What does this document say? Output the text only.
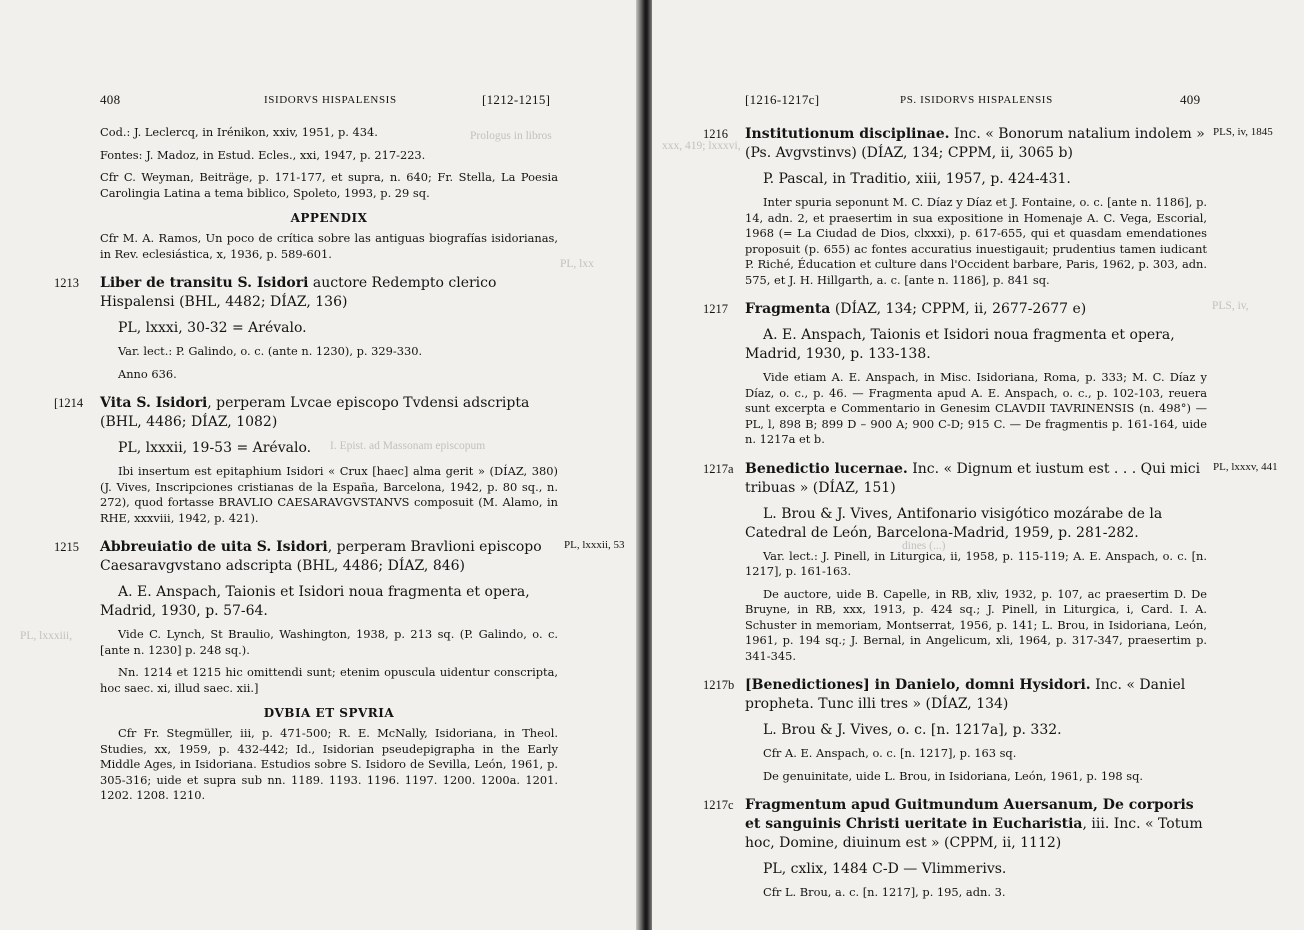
Prologus in libros
PL, lxx
I. Epist. ad Massonam episcopum
PL, lxxxiii,
408	ISIDORVS HISPALENSIS	[1212-1215]

Cod.: J. Leclercq, in Irénikon, xxiv, 1951, p. 434.

Fontes: J. Madoz, in Estud. Ecles., xxi, 1947, p. 217-223.

Cfr C. Weyman, Beiträge, p. 171-177, et supra, n. 640; Fr. Stella, La Poesia Carolingia Latina a tema biblico, Spoleto, 1993, p. 29 sq.

APPENDIX

Cfr M. A. Ramos, Un poco de crítica sobre las antiguas biografías isidorianas, in Rev. eclesiástica, x, 1936, p. 589-601.

1213	Liber de transitu S. Isidori auctore Redempto clerico Hispalensi (BHL, 4482; DÍAZ, 136)

PL, lxxxi, 30-32 = Arévalo.

Var. lect.: P. Galindo, o. c. (ante n. 1230), p. 329-330.

Anno 636.

[1214	Vita S. Isidori, perperam Lvcae episcopo Tvdensi adscripta (BHL, 4486; DÍAZ, 1082)

PL, lxxxii, 19-53 = Arévalo.

Ibi insertum est epitaphium Isidori « Crux [haec] alma gerit » (DÍAZ, 380) (J. Vives, Inscripciones cristianas de la España, Barcelona, 1942, p. 80 sq., n. 272), quod fortasse BRAVLIO CAESARAVGVSTANVS composuit (M. Alamo, in RHE, xxxviii, 1942, p. 421).

1215	Abbreuiatio de uita S. Isidori, perperam Bravlioni episcopo Caesaravgvstano adscripta (BHL, 4486; DÍAZ, 846)
PL, lxxxii, 53

A. E. Anspach, Taionis et Isidori noua fragmenta et opera, Madrid, 1930, p. 57-64.

Vide C. Lynch, St Braulio, Washington, 1938, p. 213 sq. (P. Galindo, o. c. [ante n. 1230] p. 248 sq.).

Nn. 1214 et 1215 hic omittendi sunt; etenim opuscula uidentur conscripta, hoc saec. xi, illud saec. xii.]

DVBIA ET SPVRIA

Cfr Fr. Stegmüller, iii, p. 471-500; R. E. McNally, Isidoriana, in Theol. Studies, xx, 1959, p. 432-442; Id., Isidorian pseudepigrapha in the Early Middle Ages, in Isidoriana. Estudios sobre S. Isidoro de Sevilla, León, 1961, p. 305-316; uide et supra sub nn. 1189. 1193. 1196. 1197. 1200. 1200a. 1201. 1202. 1208. 1210.

xxx, 419; lxxxvi,
PLS, iv,
dines (...)
[1216-1217c]	PS. ISIDORVS HISPALENSIS	409
1216	Institutionum disciplinae. Inc. « Bonorum natalium indolem » (Ps. Avgvstinvs) (DÍAZ, 134; CPPM, ii, 3065 b)
PLS, iv, 1845

P. Pascal, in Traditio, xiii, 1957, p. 424-431.

Inter spuria seponunt M. C. Díaz y Díaz et J. Fontaine, o. c. [ante n. 1186], p. 14, adn. 2, et praesertim in sua expositione in Homenaje A. C. Vega, Escorial, 1968 (= La Ciudad de Dios, clxxxi), p. 617-655, qui et quasdam emendationes proposuit (p. 655) ac fontes accuratius inuestigauit; prudentius tamen iudicant P. Riché, Éducation et culture dans l'Occident barbare, Paris, 1962, p. 303, adn. 575, et J. H. Hillgarth, a. c. [ante n. 1186], p. 841 sq.

1217	Fragmenta (DÍAZ, 134; CPPM, ii, 2677-2677 e)

A. E. Anspach, Taionis et Isidori noua fragmenta et opera, Madrid, 1930, p. 133-138.

Vide etiam A. E. Anspach, in Misc. Isidoriana, Roma, p. 333; M. C. Díaz y Díaz, o. c., p. 46. — Fragmenta apud A. E. Anspach, o. c., p. 102-103, reuera sunt excerpta e Commentario in Genesim CLAVDII TAVRINENSIS (n. 498°) — PL, l, 898 B; 899 D – 900 A; 900 C-D; 915 C. — De fragmentis p. 161-164, uide n. 1217a et b.

1217a Benedictio lucernae. Inc. « Dignum et iustum est . . . Qui mici tribuas » (DÍAZ, 151)
PL, lxxxv, 441

L. Brou & J. Vives, Antifonario visigótico mozárabe de la Catedral de León, Barcelona-Madrid, 1959, p. 281-282.

Var. lect.: J. Pinell, in Liturgica, ii, 1958, p. 115-119; A. E. Anspach, o. c. [n. 1217], p. 161-163.

De auctore, uide B. Capelle, in RB, xliv, 1932, p. 107, ac praesertim D. De Bruyne, in RB, xxx, 1913, p. 424 sq.; J. Pinell, in Liturgica, i, Card. I. A. Schuster in memoriam, Montserrat, 1956, p. 141; L. Brou, in Isidoriana, León, 1961, p. 194 sq.; J. Bernal, in Angelicum, xli, 1964, p. 317-347, praesertim p. 341-345.

1217b [Benedictiones] in Danielo, domni Hysidori. Inc. « Daniel propheta. Tunc illi tres » (DÍAZ, 134)

L. Brou & J. Vives, o. c. [n. 1217a], p. 332.

Cfr A. E. Anspach, o. c. [n. 1217], p. 163 sq.

De genuinitate, uide L. Brou, in Isidoriana, León, 1961, p. 198 sq.

1217c Fragmentum apud Guitmundum Auersanum, De corporis et sanguinis Christi ueritate in Eucharistia, iii. Inc. « Totum hoc, Domine, diuinum est » (CPPM, ii, 1112)

PL, cxlix, 1484 C-D — Vlimmerivs.

Cfr L. Brou, a. c. [n. 1217], p. 195, adn. 3.
